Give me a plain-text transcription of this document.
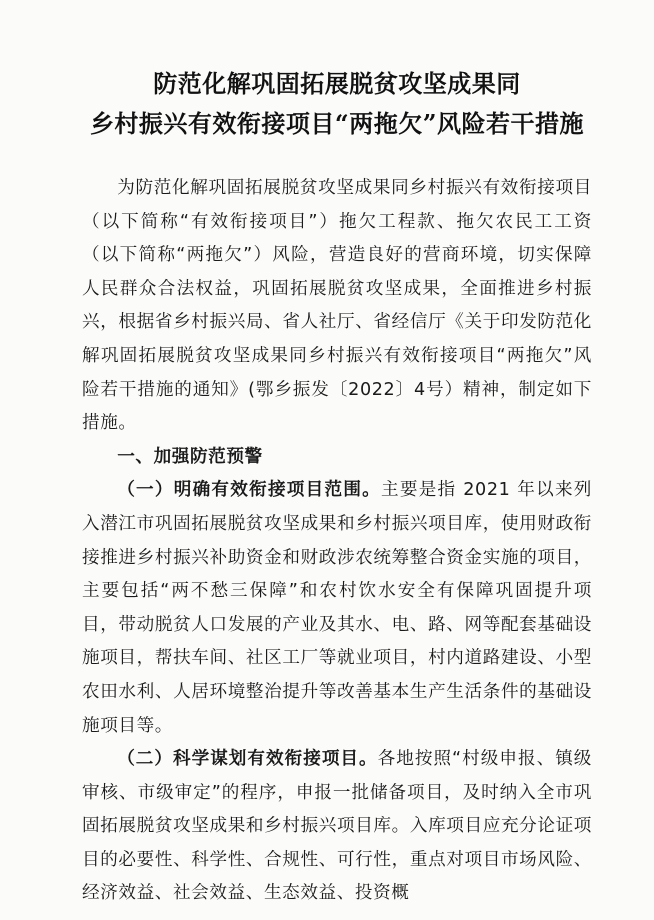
防范化解巩固拓展脱贫攻坚成果同
乡村振兴有效衔接项目“两拖欠”风险若干措施

为防范化解巩固拓展脱贫攻坚成果同乡村振兴有效衔接项目（以下简称“有效衔接项目”）拖欠工程款、拖欠农民工工资（以下简称“两拖欠”）风险，营造良好的营商环境，切实保障人民群众合法权益，巩固拓展脱贫攻坚成果，全面推进乡村振兴，根据省乡村振兴局、省人社厅、省经信厅《关于印发防范化解巩固拓展脱贫攻坚成果同乡村振兴有效衔接项目“两拖欠”风险若干措施的通知》(鄂乡振发〔2022〕4号）精神，制定如下措施。

一、加强防范预警

（一）明确有效衔接项目范围。主要是指 2021 年以来列入潜江市巩固拓展脱贫攻坚成果和乡村振兴项目库，使用财政衔接推进乡村振兴补助资金和财政涉农统筹整合资金实施的项目，主要包括“两不愁三保障”和农村饮水安全有保障巩固提升项目，带动脱贫人口发展的产业及其水、电、路、网等配套基础设施项目，帮扶车间、社区工厂等就业项目，村内道路建设、小型农田水利、人居环境整治提升等改善基本生产生活条件的基础设施项目等。

（二）科学谋划有效衔接项目。各地按照“村级申报、镇级审核、市级审定”的程序，申报一批储备项目，及时纳入全市巩固拓展脱贫攻坚成果和乡村振兴项目库。入库项目应充分论证项目的必要性、科学性、合规性、可行性，重点对项目市场风险、经济效益、社会效益、生态效益、投资概
